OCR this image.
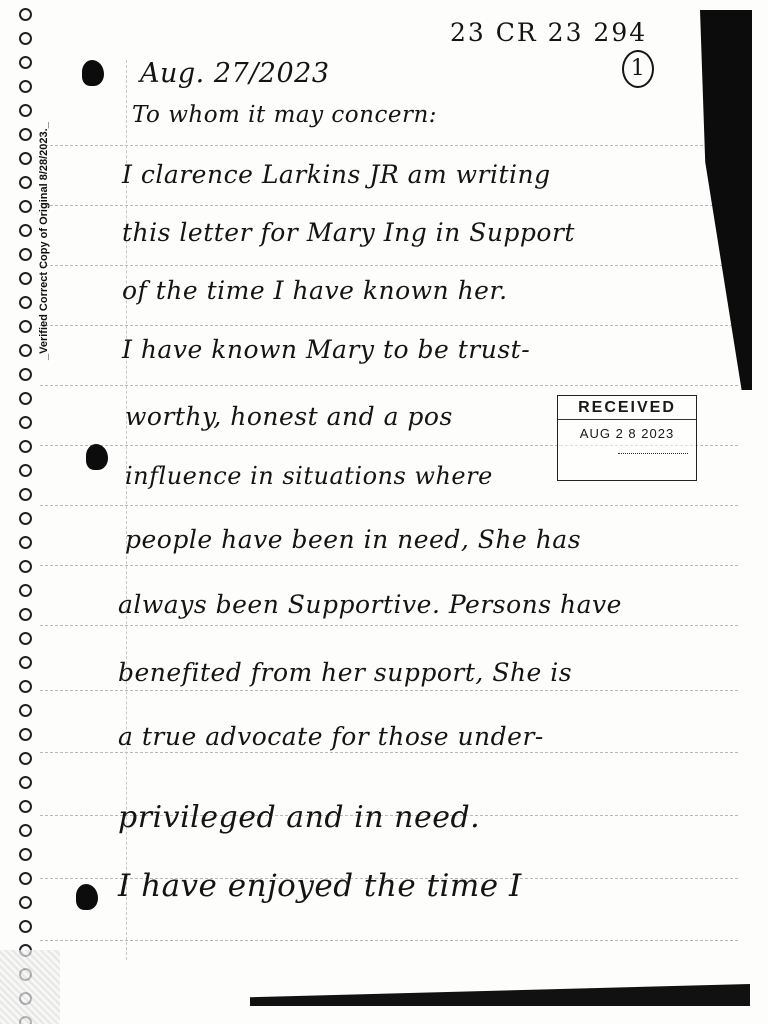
_Verified Correct Copy of Original 8/28/2023._
23 CR 23 294
1
Aug. 27/2023
To whom it may concern:
I clarence Larkins JR am writing
this letter for Mary Ing in Support
of the time I have known her.
I have known Mary to be trust-
worthy, honest and a pos
influence in situations where
people have been in need, She has
always been Supportive. Persons have
benefited from her support, She is
a true advocate for those under-
privileged and in need.
I have enjoyed the time I
RECEIVED
AUG 2 8 2023
